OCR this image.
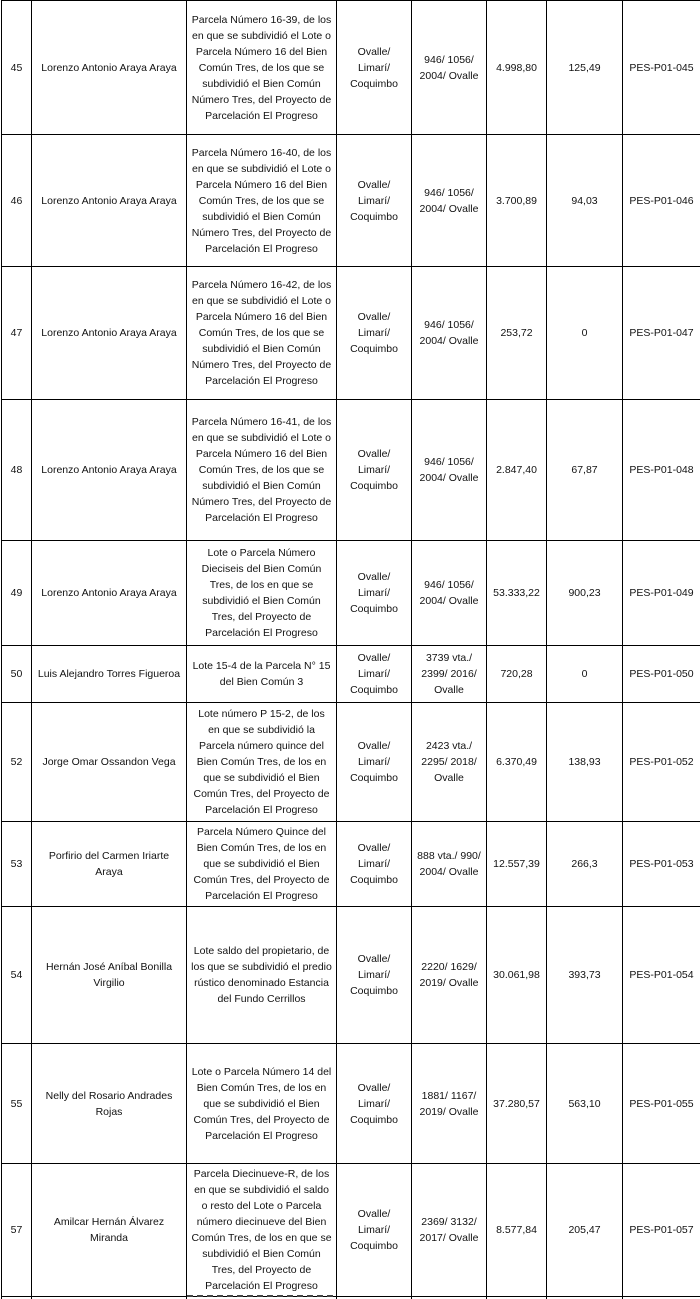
45	Lorenzo Antonio Araya Araya	Parcela Número 16-39, de los en que se subdividió el Lote o Parcela Número 16 del Bien Común Tres, de los que se subdividió el Bien Común Número Tres, del Proyecto de Parcelación El Progreso	Ovalle/ Limarí/ Coquimbo	946/ 1056/ 2004/ Ovalle	4.998,80	125,49	PES-P01-045
46	Lorenzo Antonio Araya Araya	Parcela Número 16-40, de los en que se subdividió el Lote o Parcela Número 16 del Bien Común Tres, de los que se subdividió el Bien Común Número Tres, del Proyecto de Parcelación El Progreso	Ovalle/ Limarí/ Coquimbo	946/ 1056/ 2004/ Ovalle	3.700,89	94,03	PES-P01-046
47	Lorenzo Antonio Araya Araya	Parcela Número 16-42, de los en que se subdividió el Lote o Parcela Número 16 del Bien Común Tres, de los que se subdividió el Bien Común Número Tres, del Proyecto de Parcelación El Progreso	Ovalle/ Limarí/ Coquimbo	946/ 1056/ 2004/ Ovalle	253,72	0	PES-P01-047
48	Lorenzo Antonio Araya Araya	Parcela Número 16-41, de los en que se subdividió el Lote o Parcela Número 16 del Bien Común Tres, de los que se subdividió el Bien Común Número Tres, del Proyecto de Parcelación El Progreso	Ovalle/ Limarí/ Coquimbo	946/ 1056/ 2004/ Ovalle	2.847,40	67,87	PES-P01-048
49	Lorenzo Antonio Araya Araya	Lote o Parcela Número Dieciseis del Bien Común Tres, de los en que se subdividió el Bien Común Tres, del Proyecto de Parcelación El Progreso	Ovalle/ Limarí/ Coquimbo	946/ 1056/ 2004/ Ovalle	53.333,22	900,23	PES-P01-049
50	Luis Alejandro Torres Figueroa	Lote 15-4 de la Parcela N° 15 del Bien Común 3	Ovalle/ Limarí/ Coquimbo	3739 vta./ 2399/ 2016/ Ovalle	720,28	0	PES-P01-050
52	Jorge Omar Ossandon Vega	Lote número P 15-2, de los en que se subdividió la Parcela número quince del Bien Común Tres, de los en que se subdividió el Bien Común Tres, del Proyecto de Parcelación El Progreso	Ovalle/ Limarí/ Coquimbo	2423 vta./ 2295/ 2018/ Ovalle	6.370,49	138,93	PES-P01-052
53	Porfirio del Carmen Iriarte Araya	Parcela Número Quince del Bien Común Tres, de los en que se subdividió el Bien Común Tres, del Proyecto de Parcelación El Progreso	Ovalle/ Limarí/ Coquimbo	888 vta./ 990/ 2004/ Ovalle	12.557,39	266,3	PES-P01-053
54	Hernán José Aníbal Bonilla Virgilio	Lote saldo del propietario, de los que se subdividió el predio rústico denominado Estancia del Fundo Cerrillos	Ovalle/ Limarí/ Coquimbo	2220/ 1629/ 2019/ Ovalle	30.061,98	393,73	PES-P01-054
55	Nelly del Rosario Andrades Rojas	Lote o Parcela Número 14 del Bien Común Tres, de los en que se subdividió el Bien Común Tres, del Proyecto de Parcelación El Progreso	Ovalle/ Limarí/ Coquimbo	1881/ 1167/ 2019/ Ovalle	37.280,57	563,10	PES-P01-055
57	Amilcar Hernán Álvarez Miranda	Parcela Diecinueve-R, de los en que se subdividió el saldo o resto del Lote o Parcela número diecinueve del Bien Común Tres, de los en que se subdividió el Bien Común Tres, del Proyecto de Parcelación El Progreso	Ovalle/ Limarí/ Coquimbo	2369/ 3132/ 2017/ Ovalle	8.577,84	205,47	PES-P01-057
